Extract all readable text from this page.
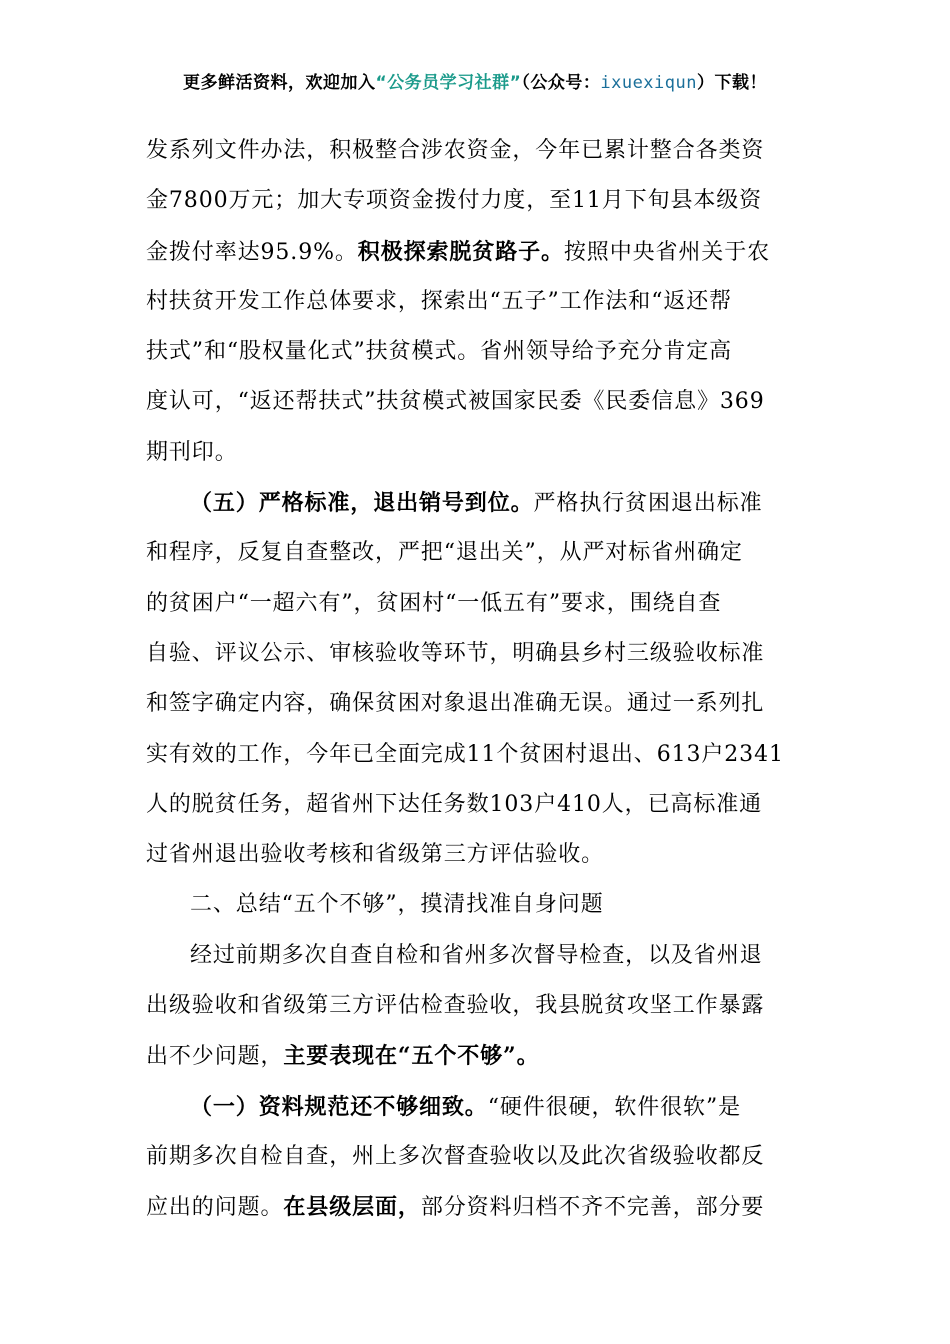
更多鲜活资料，欢迎加入“公务员学习社群”（公众号：ixuexiqun）下载！
发系列文件办法，积极整合涉农资金，今年已累计整合各类资
金7800万元；加大专项资金拨付力度，至11月下旬县本级资
金拨付率达95.9%。积极探索脱贫路子。按照中央省州关于农
村扶贫开发工作总体要求，探索出“五子”工作法和“返还帮
扶式”和“股权量化式”扶贫模式。省州领导给予充分肯定高
度认可，“返还帮扶式”扶贫模式被国家民委《民委信息》369
期刊印。
（五）严格标准，退出销号到位。严格执行贫困退出标准
和程序，反复自查整改，严把“退出关”，从严对标省州确定
的贫困户“一超六有”，贫困村“一低五有”要求，围绕自查
自验、评议公示、审核验收等环节，明确县乡村三级验收标准
和签字确定内容，确保贫困对象退出准确无误。通过一系列扎
实有效的工作，今年已全面完成11个贫困村退出、613户2341
人的脱贫任务，超省州下达任务数103户410人，已高标准通
过省州退出验收考核和省级第三方评估验收。
二、总结“五个不够”，摸清找准自身问题
经过前期多次自查自检和省州多次督导检查，以及省州退
出级验收和省级第三方评估检查验收，我县脱贫攻坚工作暴露
出不少问题，主要表现在“五个不够”。
（一）资料规范还不够细致。“硬件很硬，软件很软”是
前期多次自检自查，州上多次督查验收以及此次省级验收都反
应出的问题。在县级层面，部分资料归档不齐不完善，部分要
